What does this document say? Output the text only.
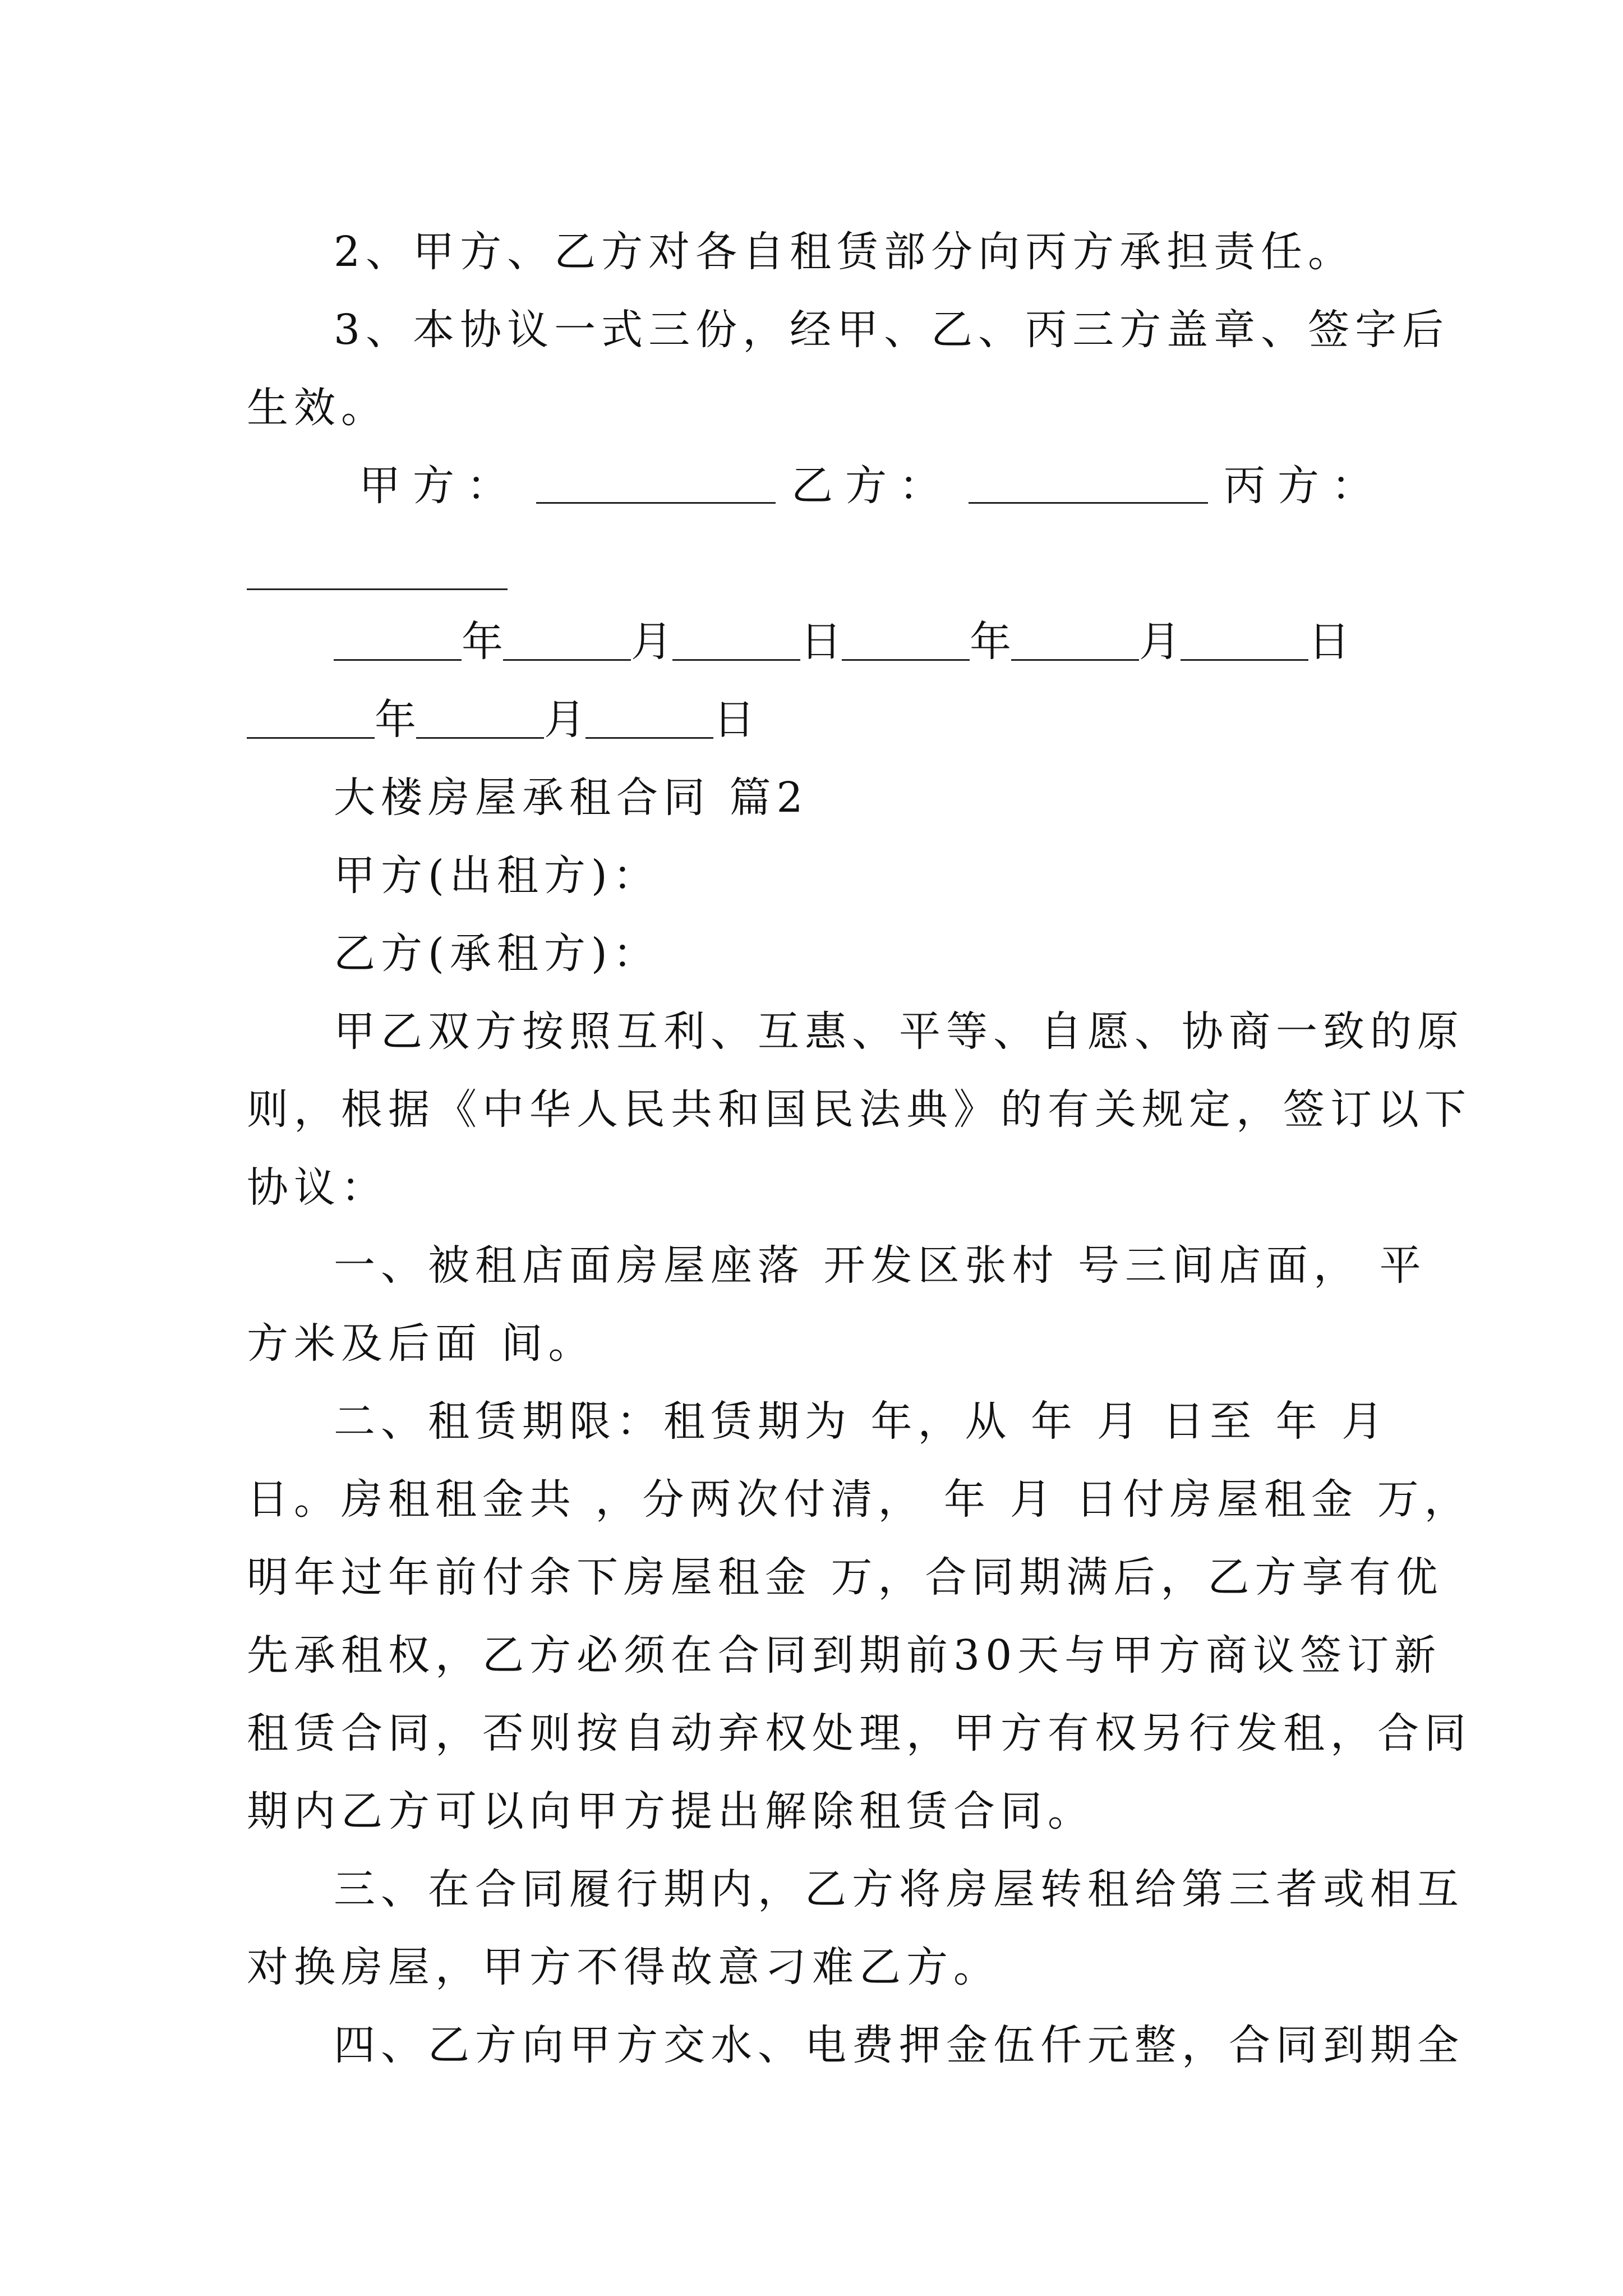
2、甲方、乙方对各自租赁部分向丙方承担责任。
3、本协议一式三份，经甲、乙、丙三方盖章、签字后
生效。
甲方：	乙方：	丙方：
年	月	日	年	月	日
年	月	日
大楼房屋承租合同 篇2
甲方(出租方)：
乙方(承租方)：
甲乙双方按照互利、互惠、平等、自愿、协商一致的原
则，根据《中华人民共和国民法典》的有关规定，签订以下
协议：
一、被租店面房屋座落 开发区张村 号三间店面， 平
方米及后面 间。
二、租赁期限：租赁期为 年，从 年 月 日至 年 月
日。房租租金共 ，分两次付清， 年 月 日付房屋租金 万，
明年过年前付余下房屋租金 万，合同期满后，乙方享有优
先承租权，乙方必须在合同到期前30天与甲方商议签订新
租赁合同，否则按自动弃权处理，甲方有权另行发租，合同
期内乙方可以向甲方提出解除租赁合同。
三、在合同履行期内，乙方将房屋转租给第三者或相互
对换房屋，甲方不得故意刁难乙方。
四、乙方向甲方交水、电费押金伍仟元整，合同到期全
